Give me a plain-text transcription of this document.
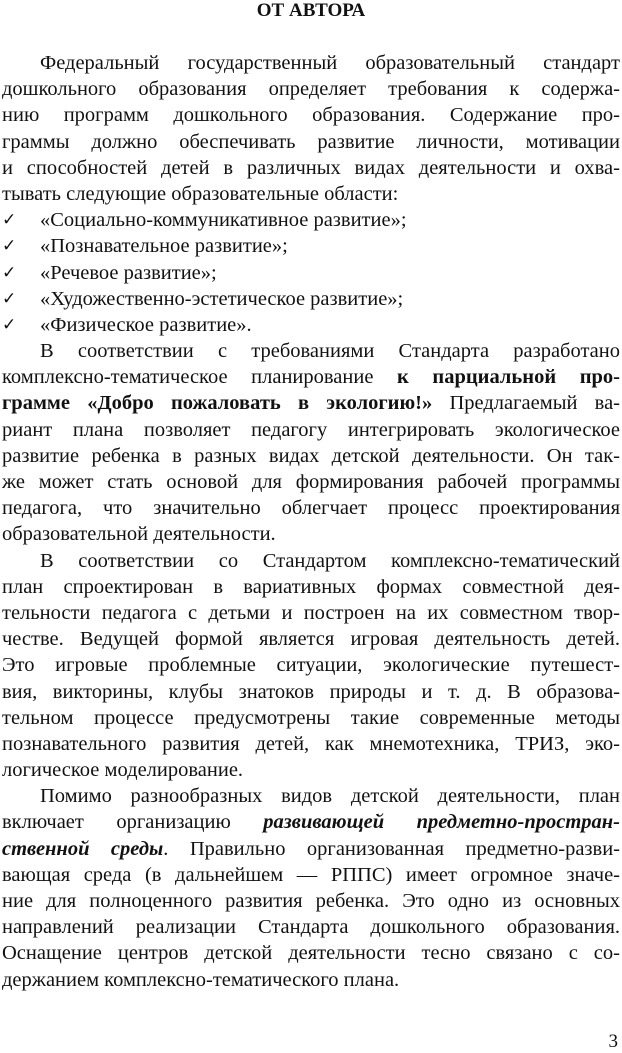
ОТ АВТОРА
Федеральный государственный образовательный стандарт
дошкольного образования определяет требования к содержа-
нию программ дошкольного образования. Содержание про-
граммы должно обеспечивать развитие личности, мотивации
и способностей детей в различных видах деятельности и охва-
тывать следующие образовательные области:
✓ «Социально-коммуникативное развитие»;
✓ «Познавательное развитие»;
✓ «Речевое развитие»;
✓ «Художественно-эстетическое развитие»;
✓ «Физическое развитие».
В соответствии с требованиями Стандарта разработано
комплексно-тематическое планирование к парциальной про-
грамме «Добро пожаловать в экологию!» Предлагаемый ва-
риант плана позволяет педагогу интегрировать экологическое
развитие ребенка в разных видах детской деятельности. Он так-
же может стать основой для формирования рабочей программы
педагога, что значительно облегчает процесс проектирования
образовательной деятельности.
В соответствии со Стандартом комплексно-тематический
план спроектирован в вариативных формах совместной дея-
тельности педагога с детьми и построен на их совместном твор-
честве. Ведущей формой является игровая деятельность детей.
Это игровые проблемные ситуации, экологические путешест-
вия, викторины, клубы знатоков природы и т. д. В образова-
тельном процессе предусмотрены такие современные методы
познавательного развития детей, как мнемотехника, ТРИЗ, эко-
логическое моделирование.
Помимо разнообразных видов детской деятельности, план
включает организацию развивающей предметно-простран-
ственной среды. Правильно организованная предметно-разви-
вающая среда (в дальнейшем — РППС) имеет огромное значе-
ние для полноценного развития ребенка. Это одно из основных
направлений реализации Стандарта дошкольного образования.
Оснащение центров детской деятельности тесно связано с со-
держанием комплексно-тематического плана.
3
